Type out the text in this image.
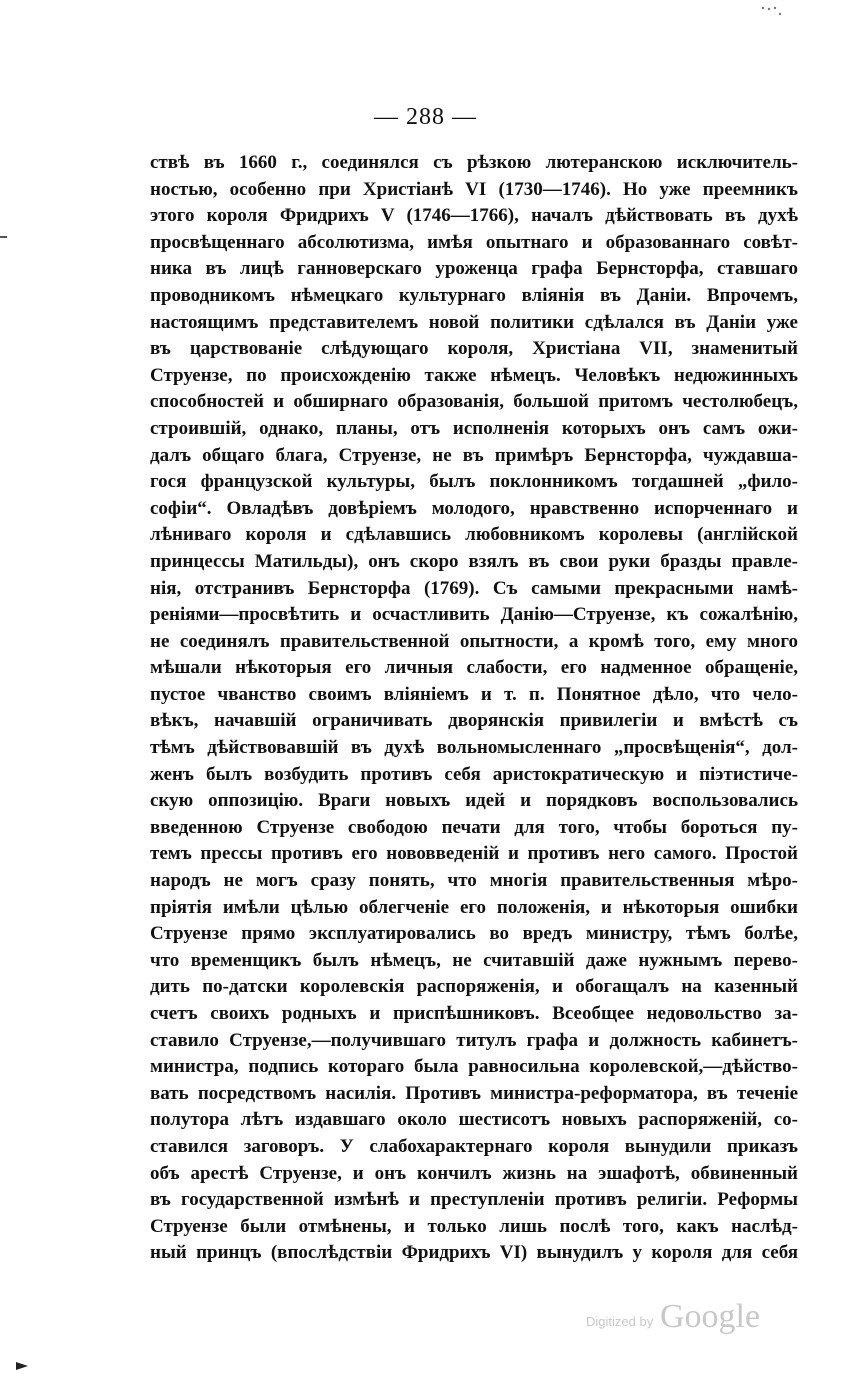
— 288 —
ствѣ въ 1660 г., соединялся съ рѣзкою лютеранскою исключитель-
ностью, особенно при Христіанѣ VI (1730—1746). Но уже преемникъ
этого короля Фридрихъ V (1746—1766), началъ дѣйствовать въ духѣ
просвѣщеннаго абсолютизма, имѣя опытнаго и образованнаго совѣт-
ника въ лицѣ ганноверскаго уроженца графа Бернсторфа, ставшаго
проводникомъ нѣмецкаго культурнаго вліянія въ Даніи. Впрочемъ,
настоящимъ представителемъ новой политики сдѣлался въ Даніи уже
въ царствованіе слѣдующаго короля, Христіана VII, знаменитый
Струензе, по происхожденію также нѣмецъ. Человѣкъ недюжинныхъ
способностей и обширнаго образованія, большой притомъ честолюбецъ,
строившій, однако, планы, отъ исполненія которыхъ онъ самъ ожи-
далъ общаго блага, Струензе, не въ примѣръ Бернсторфа, чуждавша-
гося французской культуры, былъ поклонникомъ тогдашней „фило-
софіи“. Овладѣвъ довѣріемъ молодого, нравственно испорченнаго и
лѣниваго короля и сдѣлавшись любовникомъ королевы (англійской
принцессы Матильды), онъ скоро взялъ въ свои руки бразды правле-
нія, отстранивъ Бернсторфа (1769). Съ самыми прекрасными намѣ-
реніями—просвѣтить и осчастливить Данію—Струензе, къ сожалѣнію,
не соединялъ правительственной опытности, а кромѣ того, ему много
мѣшали нѣкоторыя его личныя слабости, его надменное обращеніе,
пустое чванство своимъ вліяніемъ и т. п. Понятное дѣло, что чело-
вѣкъ, начавшій ограничивать дворянскія привилегіи и вмѣстѣ съ
тѣмъ дѣйствовавшій въ духѣ вольномысленнаго „просвѣщенія“, дол-
женъ былъ возбудить противъ себя аристократическую и піэтистиче-
скую оппозицію. Враги новыхъ идей и порядковъ воспользовались
введенною Струензе свободою печати для того, чтобы бороться пу-
темъ прессы противъ его нововведеній и противъ него самого. Простой
народъ не могъ сразу понять, что многія правительственныя мѣро-
пріятія имѣли цѣлью облегченіе его положенія, и нѣкоторыя ошибки
Струензе прямо эксплуатировались во вредъ министру, тѣмъ болѣе,
что временщикъ былъ нѣмецъ, не считавшій даже нужнымъ перево-
дить по-датски королевскія распоряженія, и обогащалъ на казенный
счетъ своихъ родныхъ и приспѣшниковъ. Всеобщее недовольство за-
ставило Струензе,—получившаго титулъ графа и должность кабинетъ-
министра, подпись котораго была равносильна королевской,—дѣйство-
вать посредствомъ насилія. Противъ министра-реформатора, въ теченіе
полутора лѣтъ издавшаго около шестисотъ новыхъ распоряженій, со-
ставился заговоръ. У слабохарактернаго короля вынудили приказъ
объ арестѣ Струензе, и онъ кончилъ жизнь на эшафотѣ, обвиненный
въ государственной измѣнѣ и преступленіи противъ религіи. Реформы
Струензе были отмѣнены, и только лишь послѣ того, какъ наслѣд-
ный принцъ (впослѣдствіи Фридрихъ VI) вынудилъ у короля для себя
Digitized by Google
